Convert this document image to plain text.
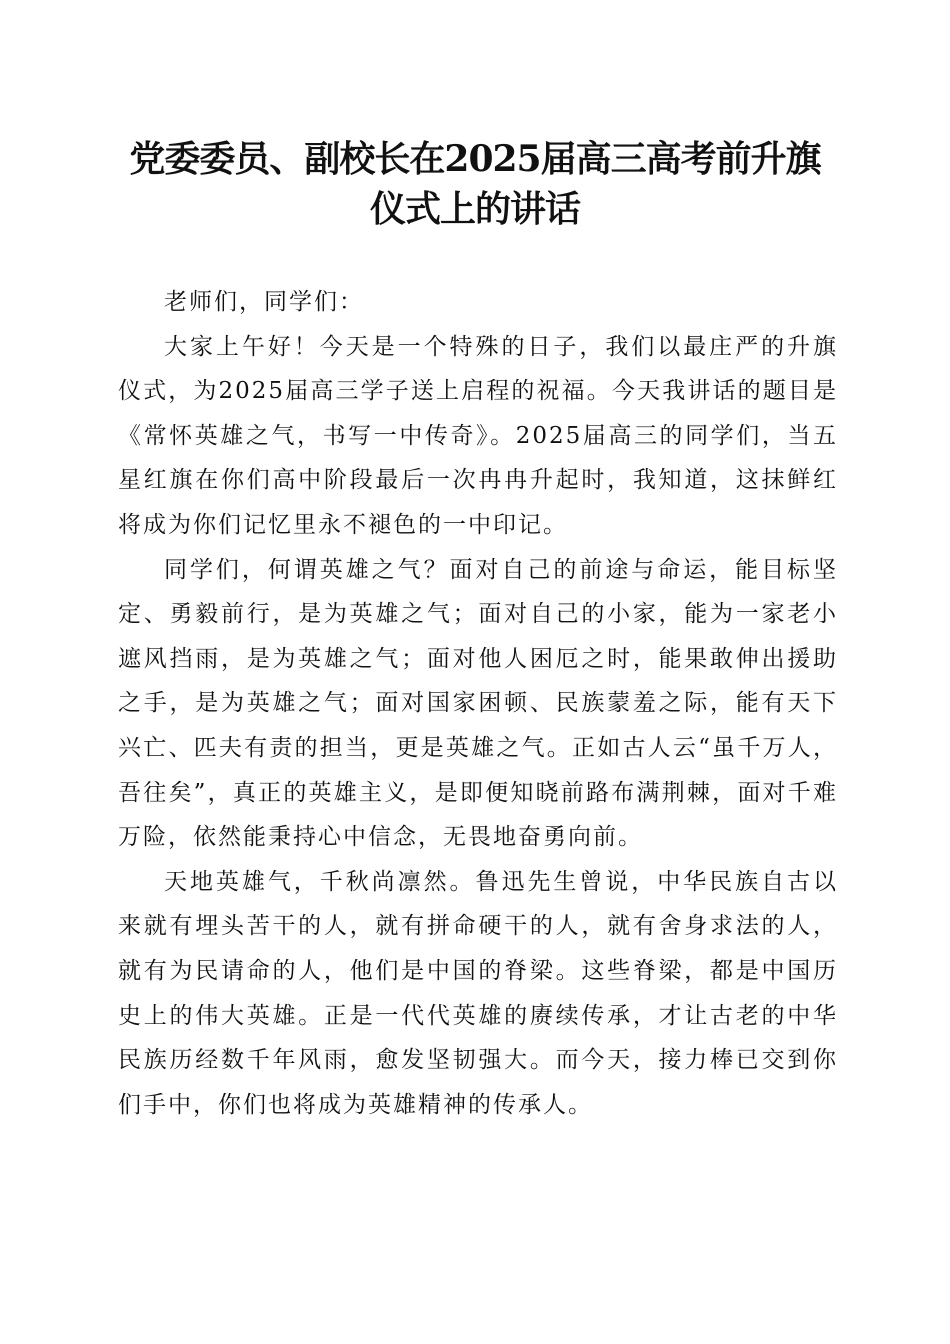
党委委员、副校长在2025届高三高考前升旗
仪式上的讲话

老师们，同学们：

大家上午好！今天是一个特殊的日子，我们以最庄严的升旗仪式，为2025届高三学子送上启程的祝福。今天我讲话的题目是《常怀英雄之气，书写一中传奇》。2025届高三的同学们，当五星红旗在你们高中阶段最后一次冉冉升起时，我知道，这抹鲜红将成为你们记忆里永不褪色的一中印记。

同学们，何谓英雄之气？面对自己的前途与命运，能目标坚定、勇毅前行，是为英雄之气；面对自己的小家，能为一家老小遮风挡雨，是为英雄之气；面对他人困厄之时，能果敢伸出援助之手，是为英雄之气；面对国家困顿、民族蒙羞之际，能有天下兴亡、匹夫有责的担当，更是英雄之气。正如古人云“虽千万人，吾往矣”，真正的英雄主义，是即便知晓前路布满荆棘，面对千难万险，依然能秉持心中信念，无畏地奋勇向前。

天地英雄气，千秋尚凛然。鲁迅先生曾说，中华民族自古以来就有埋头苦干的人，就有拼命硬干的人，就有舍身求法的人，就有为民请命的人，他们是中国的脊梁。这些脊梁，都是中国历史上的伟大英雄。正是一代代英雄的赓续传承，才让古老的中华民族历经数千年风雨，愈发坚韧强大。而今天，接力棒已交到你们手中，你们也将成为英雄精神的传承人。
